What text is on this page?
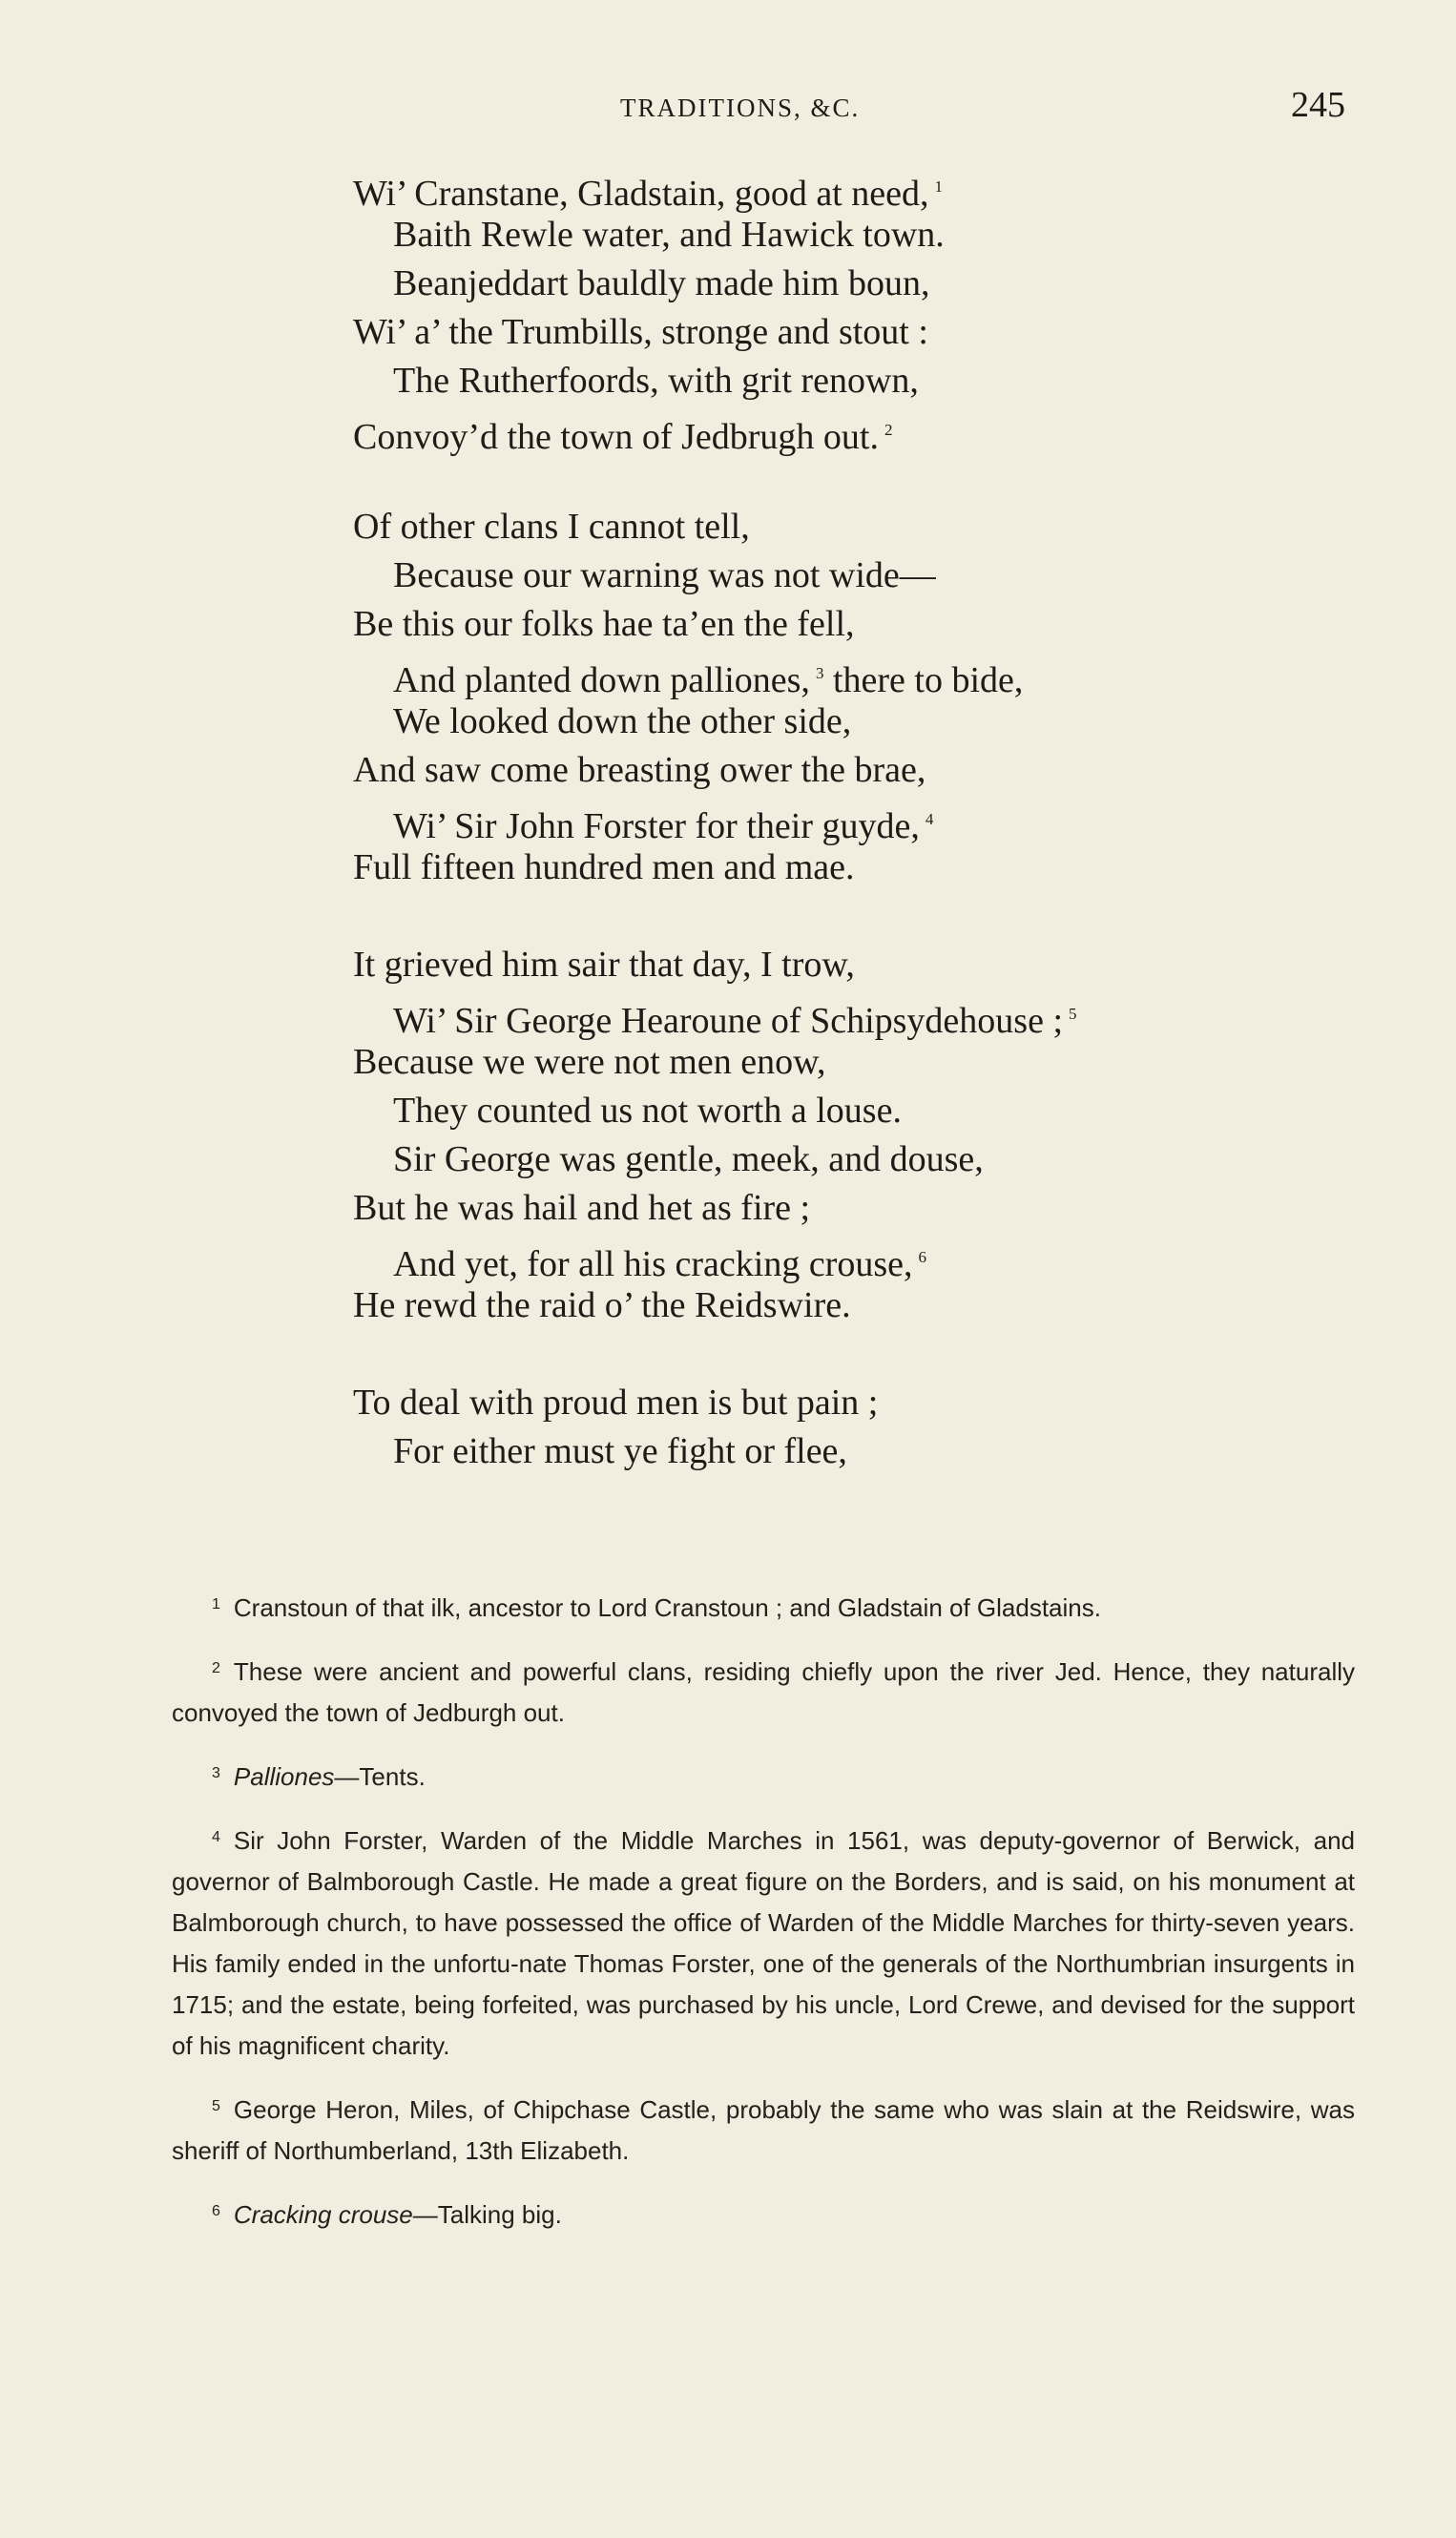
TRADITIONS, &C.	245
Wi’ Cranstane, Gladstain, good at need, $^1$
Baith Rewle water, and Hawick town.
Beanjeddart bauldly made him boun,
Wi’ a’ the Trumbills, stronge and stout :
The Rutherfoords, with grit renown,
Convoy’d the town of Jedbrugh out. $^2$
Of other clans I cannot tell,
Because our warning was not wide—
Be this our folks hae ta’en the fell,
And planted down palliones, $^3$ there to bide,
We looked down the other side,
And saw come breasting ower the brae,
Wi’ Sir John Forster for their guyde, $^4$
Full fifteen hundred men and mae.
It grieved him sair that day, I trow,
Wi’ Sir George Hearoune of Schipsydehouse ; $^5$
Because we were not men enow,
They counted us not worth a louse.
Sir George was gentle, meek, and douse,
But he was hail and het as fire ;
And yet, for all his cracking crouse, $^6$
He rewd the raid o’ the Reidswire.
To deal with proud men is but pain ;
For either must ye fight or flee,
$^1$ Cranstoun of that ilk, ancestor to Lord Cranstoun ; and Gladstain of Gladstains.
$^2$ These were ancient and powerful clans, residing chiefly upon the river Jed. Hence, they naturally convoyed the town of Jedburgh out.
$^3$ Palliones—Tents.
$^4$ Sir John Forster, Warden of the Middle Marches in 1561, was deputy-governor of Berwick, and governor of Balmborough Castle. He made a great figure on the Borders, and is said, on his monument at Balmborough church, to have possessed the office of Warden of the Middle Marches for thirty-seven years. His family ended in the unfortu-nate Thomas Forster, one of the generals of the Northumbrian insurgents in 1715; and the estate, being forfeited, was purchased by his uncle, Lord Crewe, and devised for the support of his magnificent charity.
$^5$ George Heron, Miles, of Chipchase Castle, probably the same who was slain at the Reidswire, was sheriff of Northumberland, 13th Elizabeth.
$^6$ Cracking crouse—Talking big.
